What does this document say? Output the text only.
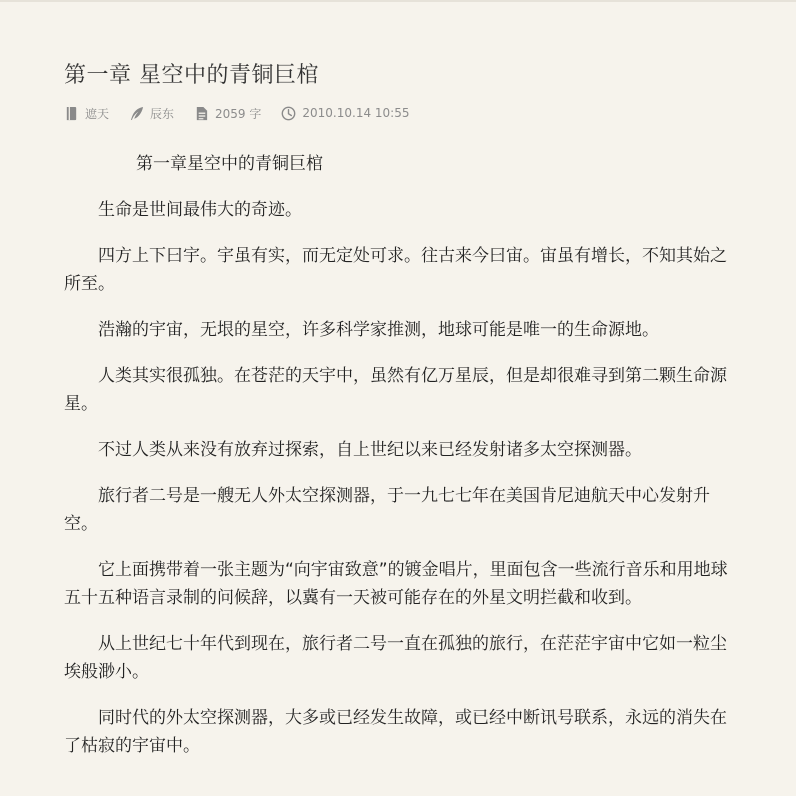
第一章 星空中的青铜巨棺
遮天	辰东	2059 字	2010.10.14 10:55

第一章星空中的青铜巨棺

生命是世间最伟大的奇迹。

四方上下曰宇。宇虽有实，而无定处可求。往古来今曰宙。宙虽有增长，不知其始之所至。

浩瀚的宇宙，无垠的星空，许多科学家推测，地球可能是唯一的生命源地。

人类其实很孤独。在苍茫的天宇中，虽然有亿万星辰，但是却很难寻到第二颗生命源星。

不过人类从来没有放弃过探索，自上世纪以来已经发射诸多太空探测器。

旅行者二号是一艘无人外太空探测器，于一九七七年在美国肯尼迪航天中心发射升空。

它上面携带着一张主题为“向宇宙致意”的镀金唱片，里面包含一些流行音乐和用地球五十五种语言录制的问候辞，以冀有一天被可能存在的外星文明拦截和收到。

从上世纪七十年代到现在，旅行者二号一直在孤独的旅行，在茫茫宇宙中它如一粒尘埃般渺小。

同时代的外太空探测器，大多或已经发生故障，或已经中断讯号联系，永远的消失在了枯寂的宇宙中。
